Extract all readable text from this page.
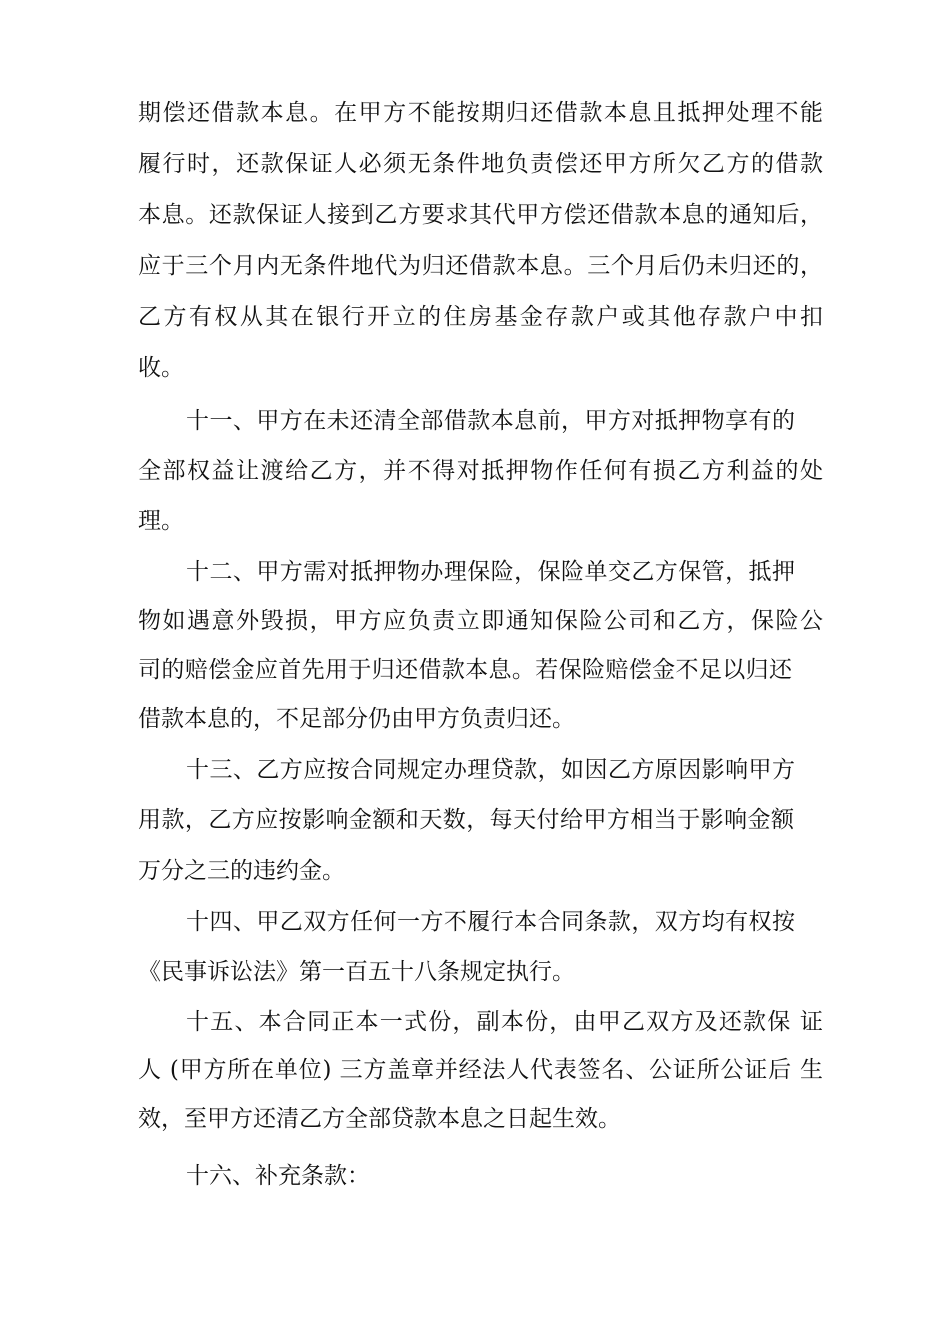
期偿还借款本息。在甲方不能按期归还借款本息且抵押处理不能
履行时，还款保证人必须无条件地负责偿还甲方所欠乙方的借款
本息。还款保证人接到乙方要求其代甲方偿还借款本息的通知后，
应于三个月内无条件地代为归还借款本息。三个月后仍未归还的，
乙方有权从其在银行开立的住房基金存款户或其他存款户中扣
收。
十一、甲方在未还清全部借款本息前，甲方对抵押物享有的
全部权益让渡给乙方，并不得对抵押物作任何有损乙方利益的处
理。
十二、甲方需对抵押物办理保险，保险单交乙方保管，抵押
物如遇意外毁损，甲方应负责立即通知保险公司和乙方，保险公
司的赔偿金应首先用于归还借款本息。若保险赔偿金不足以归还
借款本息的，不足部分仍由甲方负责归还。
十三、乙方应按合同规定办理贷款，如因乙方原因影响甲方
用款，乙方应按影响金额和天数，每天付给甲方相当于影响金额
万分之三的违约金。
十四、甲乙双方任何一方不履行本合同条款，双方均有权按
《民事诉讼法》第一百五十八条规定执行。
十五、本合同正本一式份，副本份，由甲乙双方及还款保 证
人 (甲方所在单位) 三方盖章并经法人代表签名、公证所公证后 生
效，至甲方还清乙方全部贷款本息之日起生效。
十六、补充条款：
